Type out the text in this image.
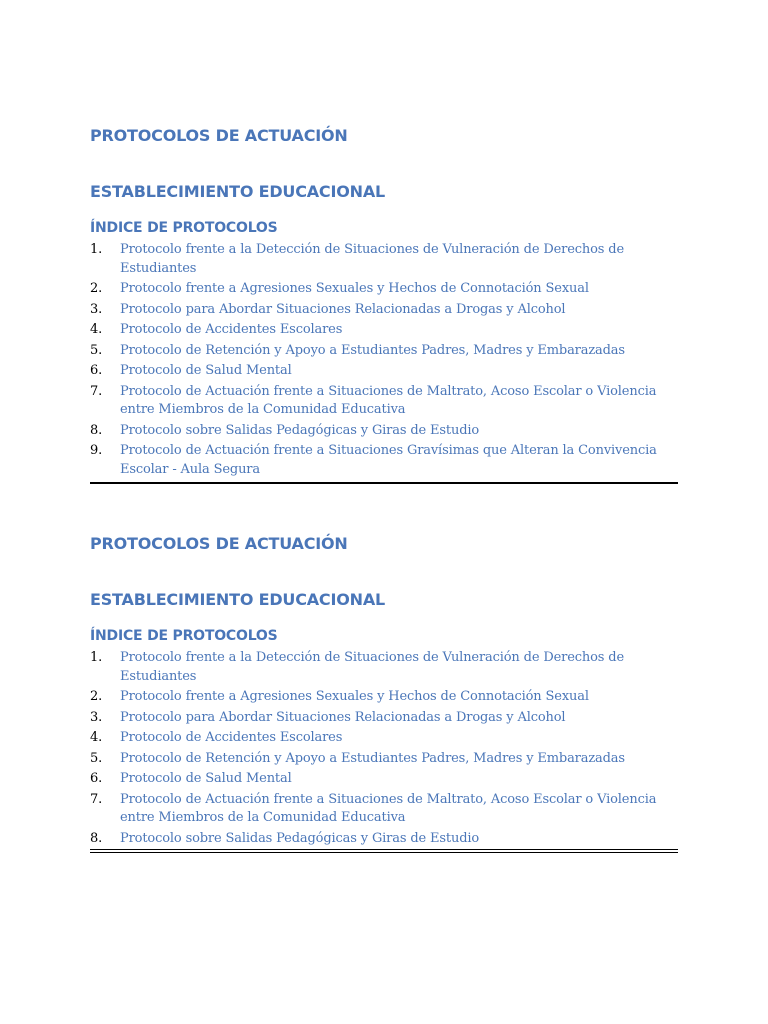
PROTOCOLOS DE ACTUACIÓN
ESTABLECIMIENTO EDUCACIONAL
ÍNDICE DE PROTOCOLOS
1.	Protocolo frente a la Detección de Situaciones de Vulneración de Derechos de Estudiantes
2.	Protocolo frente a Agresiones Sexuales y Hechos de Connotación Sexual
3.	Protocolo para Abordar Situaciones Relacionadas a Drogas y Alcohol
4.	Protocolo de Accidentes Escolares
5.	Protocolo de Retención y Apoyo a Estudiantes Padres, Madres y Embarazadas
6.	Protocolo de Salud Mental
7.	Protocolo de Actuación frente a Situaciones de Maltrato, Acoso Escolar o Violencia entre Miembros de la Comunidad Educativa
8.	Protocolo sobre Salidas Pedagógicas y Giras de Estudio
9.	Protocolo de Actuación frente a Situaciones Gravísimas que Alteran la Convivencia Escolar - Aula Segura
PROTOCOLOS DE ACTUACIÓN
ESTABLECIMIENTO EDUCACIONAL
ÍNDICE DE PROTOCOLOS
1.	Protocolo frente a la Detección de Situaciones de Vulneración de Derechos de Estudiantes
2.	Protocolo frente a Agresiones Sexuales y Hechos de Connotación Sexual
3.	Protocolo para Abordar Situaciones Relacionadas a Drogas y Alcohol
4.	Protocolo de Accidentes Escolares
5.	Protocolo de Retención y Apoyo a Estudiantes Padres, Madres y Embarazadas
6.	Protocolo de Salud Mental
7.	Protocolo de Actuación frente a Situaciones de Maltrato, Acoso Escolar o Violencia entre Miembros de la Comunidad Educativa
8.	Protocolo sobre Salidas Pedagógicas y Giras de Estudio
